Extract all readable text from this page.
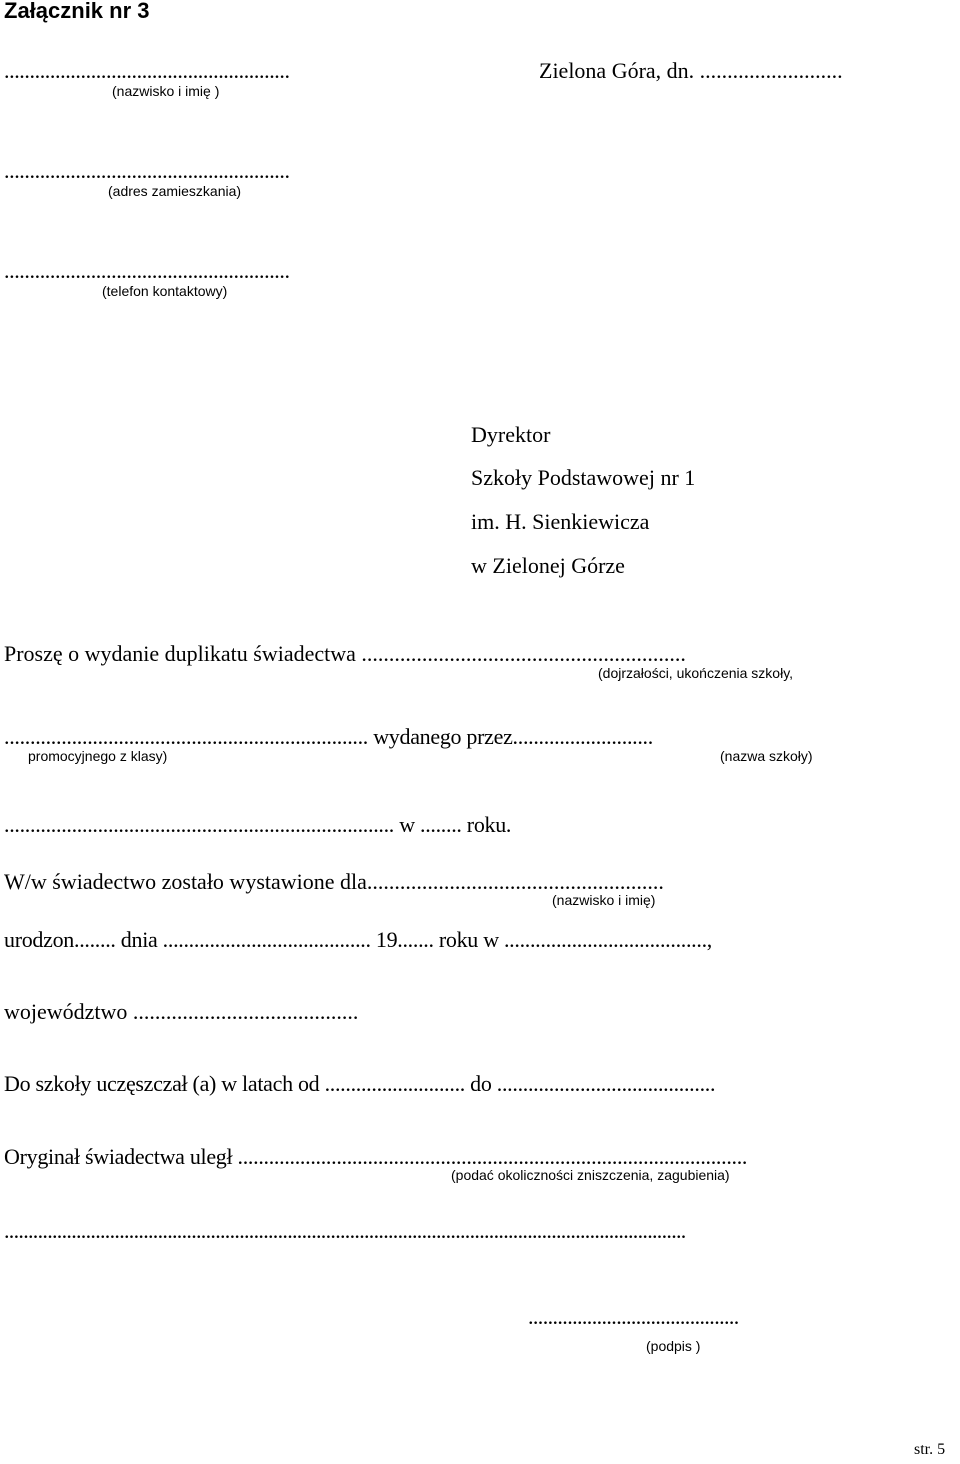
Załącznik nr 3
........................................................
(nazwisko i imię )
Zielona Góra, dn. ..........................
........................................................
(adres zamieszkania)
........................................................
(telefon kontaktowy)
Dyrektor
Szkoły Podstawowej nr 1
im. H. Sienkiewicza
w Zielonej Górze
Proszę o wydanie duplikatu świadectwa ...........................................................
(dojrzałości, ukończenia szkoły,
...................................................................... wydanego przez...........................
promocyjnego z klasy)	(nazwa szkoły)
........................................................................... w ........ roku.
W/w świadectwo zostało wystawione dla......................................................
(nazwisko i imię)
urodzon........ dnia ........................................ 19....... roku w .......................................,
województwo .........................................
Do szkoły uczęszczał (a) w latach od ........................... do ..........................................
Oryginał świadectwa uległ ..................................................................................................
(podać okoliczności zniszczenia, zagubienia)
..............................................................................................................................................
...........................................
(podpis )
str. 5
